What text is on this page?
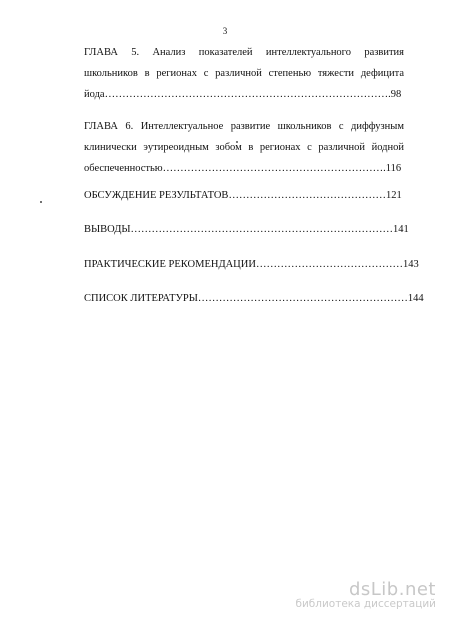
3
ГЛАВА 5. Анализ показателей интеллектуального развития
школьников в регионах с различной степенью тяжести дефицита
йода……………………………………………………………………….98
ГЛАВА 6. Интеллектуальное развитие школьников с диффузным
клинически эутиреоидным зобом в регионах с различной йодной
обеспеченностью……………………………………………………….116
ОБСУЖДЕНИЕ РЕЗУЛЬТАТОВ………………………………………121
ВЫВОДЫ…………………………………………………………………141
ПРАКТИЧЕСКИЕ РЕКОМЕНДАЦИИ……………………………………143
СПИСОК ЛИТЕРАТУРЫ……………………………………………………144
dsLib.net
библиотека диссертаций
